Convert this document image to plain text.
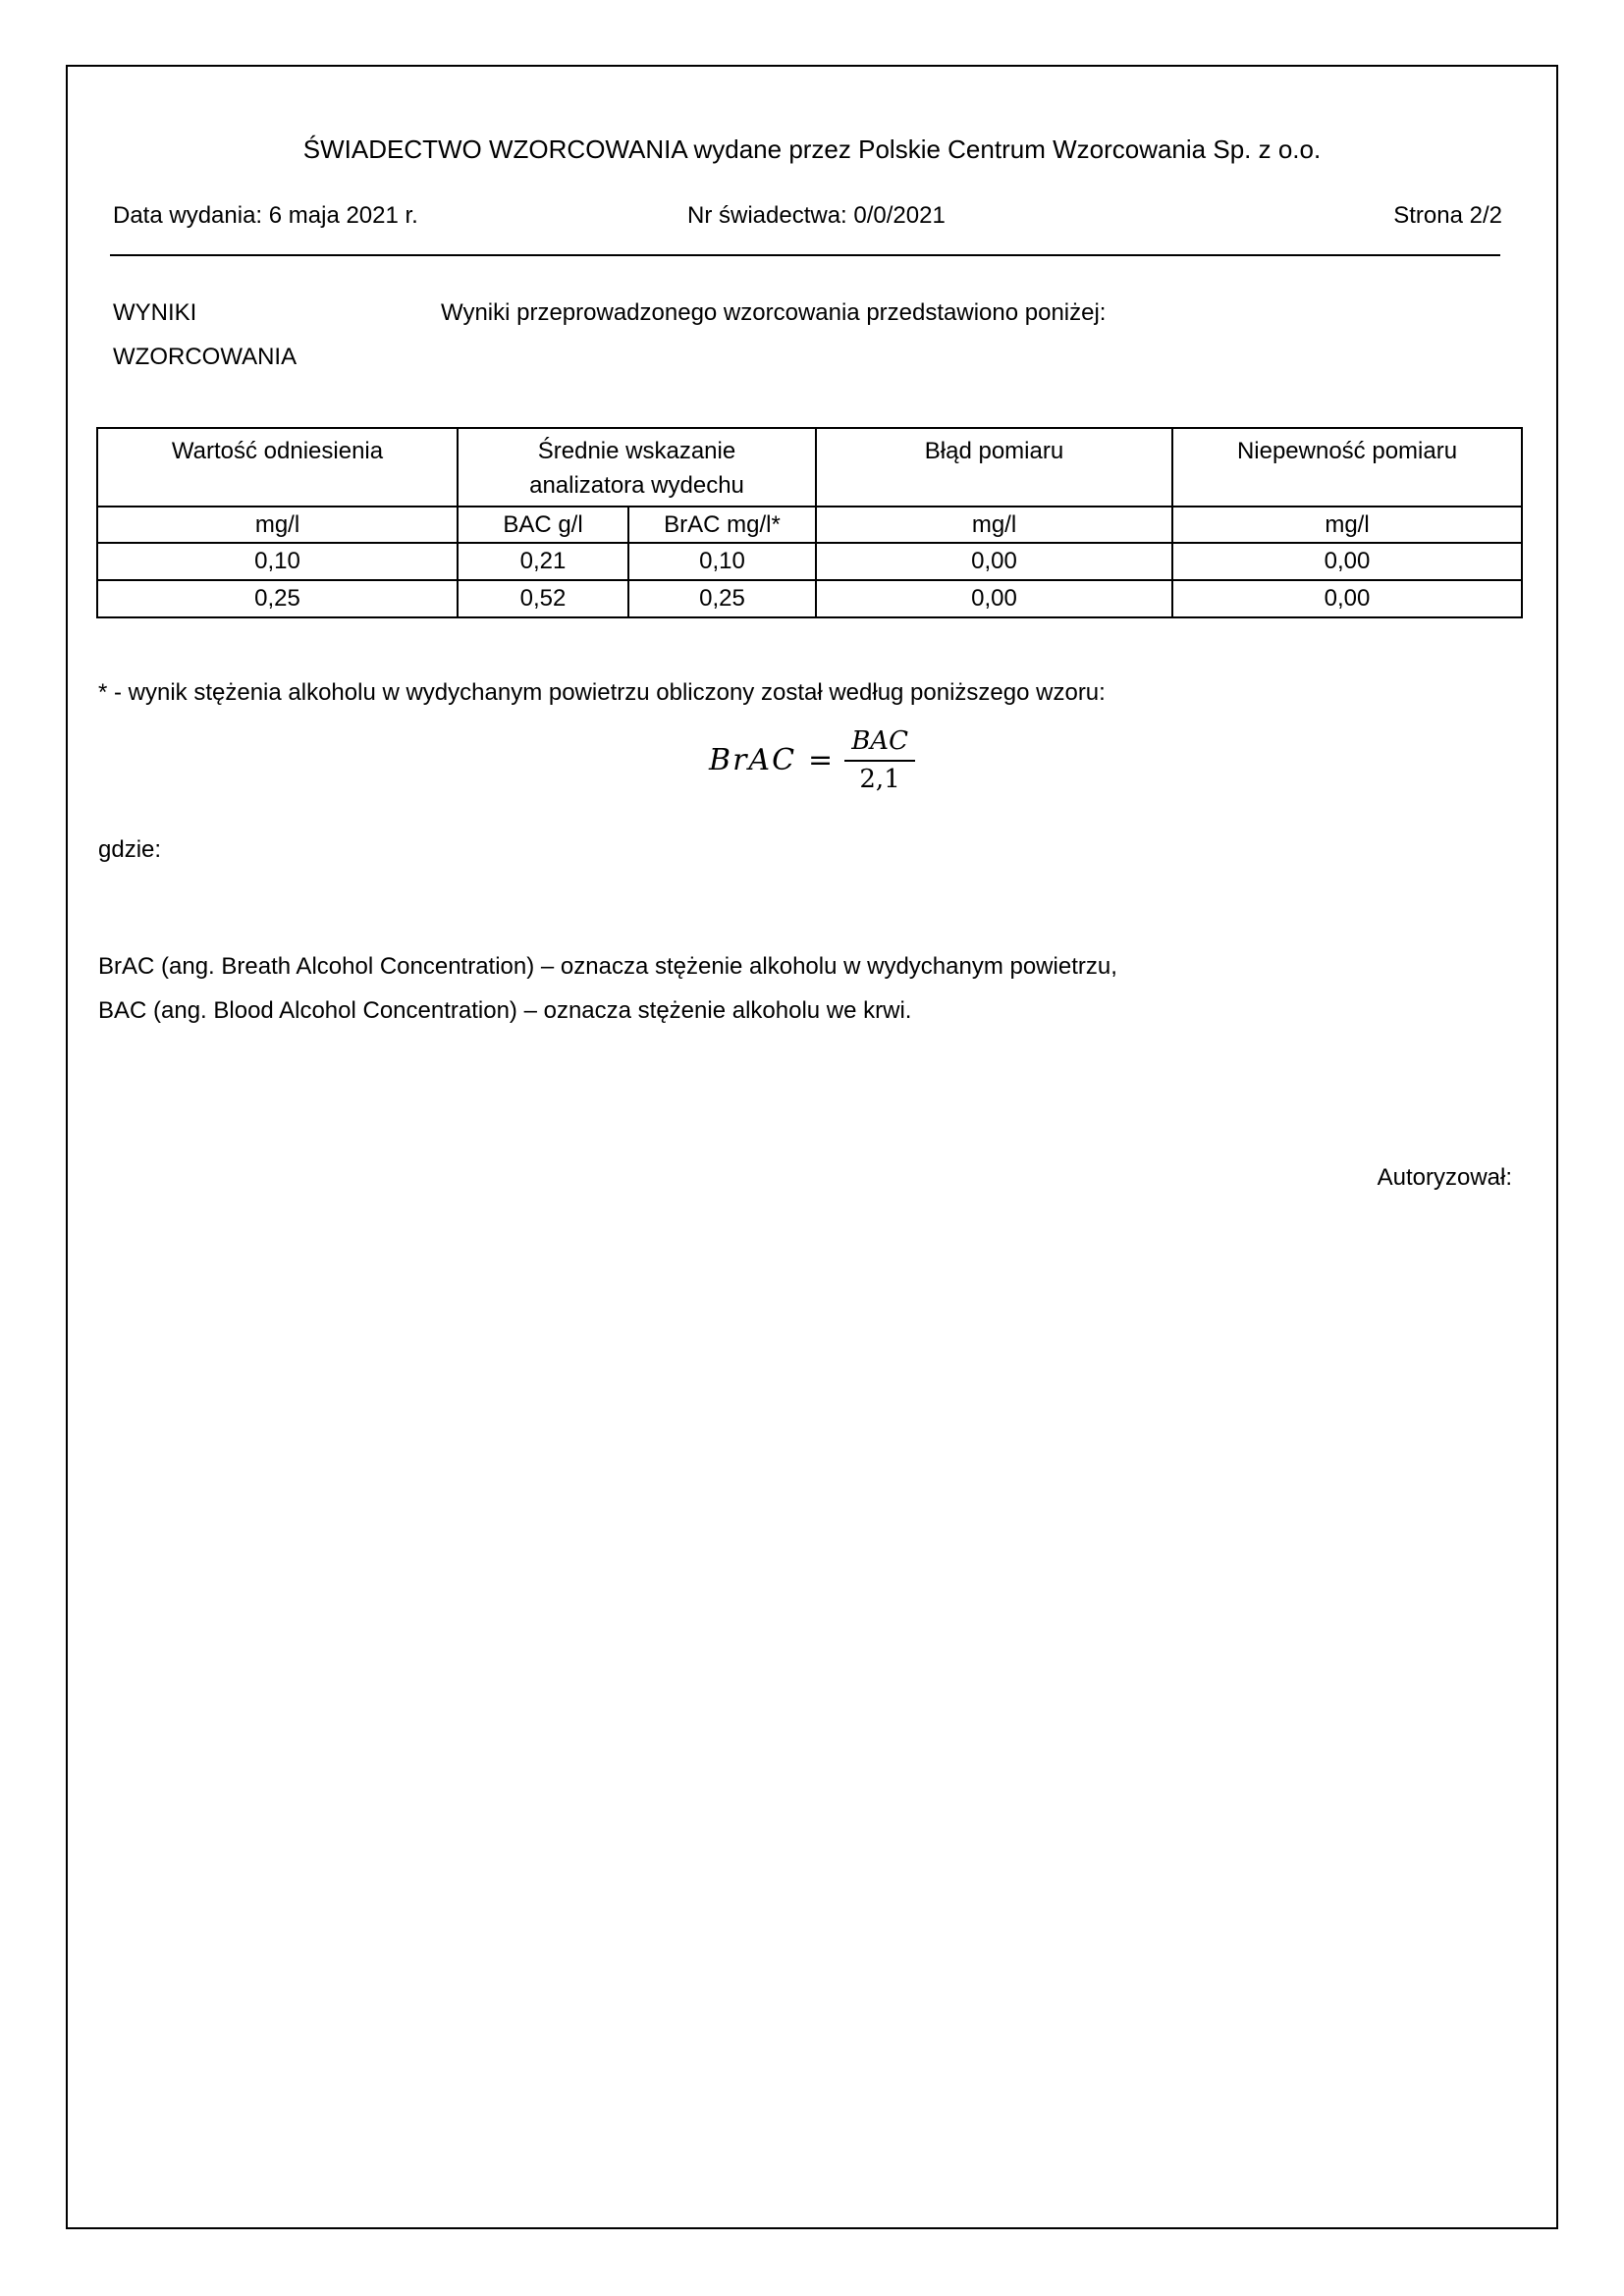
ŚWIADECTWO WZORCOWANIA wydane przez Polskie Centrum Wzorcowania Sp. z o.o.
Data wydania: 6 maja 2021 r.	Nr świadectwa: 0/0/2021	Strona 2/2
WYNIKI WZORCOWANIA
Wyniki przeprowadzonego wzorcowania przedstawiono poniżej:
Wartość odniesienia	Średnie wskazanie analizatora wydechu		Błąd pomiaru	Niepewność pomiaru
mg/l	BAC g/l	BrAC mg/l*	mg/l	mg/l
0,10	0,21	0,10	0,00	0,00
0,25	0,52	0,25	0,00	0,00
* - wynik stężenia alkoholu w wydychanym powietrzu obliczony został według poniższego wzoru:
BrAC = $\frac{\text{BAC}}{2,1}$
gdzie:
BrAC (ang. Breath Alcohol Concentration) – oznacza stężenie alkoholu w wydychanym powietrzu,
BAC (ang. Blood Alcohol Concentration) – oznacza stężenie alkoholu we krwi.
Autoryzował:
